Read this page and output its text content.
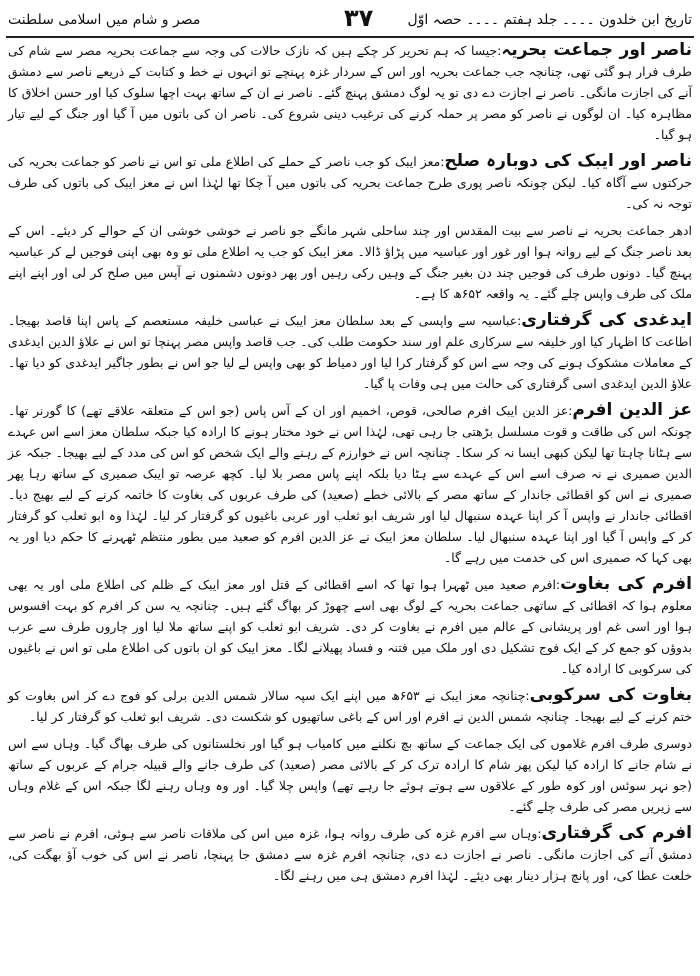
تاریخ ابن خلدون ۔۔۔۔ جلد ہفتم ۔۔۔۔ حصہ اوّل
۳۷
مصر و شام میں اسلامی سلطنت

ناصر اور جماعت بحریہ:جیسا کہ ہم تحریر کر چکے ہیں کہ نازک حالات کی وجہ سے جماعت بحریہ مصر سے شام کی طرف فرار ہو گئی تھی، چنانچہ جب جماعت بحریہ اور اس کے سردار غزہ پہنچے تو انہوں نے خط و کتابت کے ذریعے ناصر سے دمشق آنے کی اجازت مانگی۔ ناصر نے اجازت دے دی تو یہ لوگ دمشق پہنچ گئے۔ ناصر نے ان کے ساتھ بہت اچھا سلوک کیا اور حسن اخلاق کا مظاہرہ کیا۔ ان لوگوں نے ناصر کو مصر پر حملہ کرنے کی ترغیب دینی شروع کی۔ ناصر ان کی باتوں میں آ گیا اور جنگ کے لیے تیار ہو گیا۔

ناصر اور ایبک کی دوبارہ صلح:معز ایبک کو جب ناصر کے حملے کی اطلاع ملی تو اس نے ناصر کو جماعت بحریہ کی حرکتوں سے آگاہ کیا۔ لیکن چونکہ ناصر پوری طرح جماعت بحریہ کی باتوں میں آ چکا تھا لہٰذا اس نے معز ایبک کی باتوں کی طرف توجہ نہ کی۔

ادھر جماعت بحریہ نے ناصر سے بیت المقدس اور چند ساحلی شہر مانگے جو ناصر نے خوشی خوشی ان کے حوالے کر دیئے۔ اس کے بعد ناصر جنگ کے لیے روانہ ہوا اور غور اور عباسیہ میں پڑاؤ ڈالا۔ معز ایبک کو جب یہ اطلاع ملی تو وہ بھی اپنی فوجیں لے کر عباسیہ پہنچ گیا۔ دونوں طرف کی فوجیں چند دن بغیر جنگ کے وہیں رکی رہیں اور پھر دونوں دشمنوں نے آپس میں صلح کر لی اور اپنے اپنے ملک کی طرف واپس چلے گئے۔ یہ واقعہ ۶۵۲ھ کا ہے۔

ایدغدی کی گرفتاری:عباسیہ سے واپسی کے بعد سلطان معز ایبک نے عباسی خلیفہ مستعصم کے پاس اپنا قاصد بھیجا۔ اطاعت کا اظہار کیا اور خلیفہ سے سرکاری علم اور سند حکومت طلب کی۔ جب قاصد واپس مصر پہنچا تو اس نے علاؤ الدین ایدغدی کے معاملات مشکوک ہونے کی وجہ سے اس کو گرفتار کرا لیا اور دمیاط کو بھی واپس لے لیا جو اس نے بطور جاگیر ایدغدی کو دیا تھا۔ علاؤ الدین ایدغدی اسی گرفتاری کی حالت میں ہی وفات پا گیا۔

عز الدین افرم:عز الدین ایبک افرم صالحی، قوص، اخمیم اور ان کے آس پاس (جو اس کے متعلقہ علاقے تھے) کا گورنر تھا۔ چونکہ اس کی طاقت و قوت مسلسل بڑھتی جا رہی تھی، لہٰذا اس نے خود مختار ہونے کا ارادہ کیا جبکہ سلطان معز اسے اس عہدے سے ہٹانا چاہتا تھا لیکن کبھی ایسا نہ کر سکا۔ چنانچہ اس نے خوارزم کے رہنے والے ایک شخص کو اس کی مدد کے لیے بھیجا۔ جبکہ عز الدین صمیری نے نہ صرف اسے اس کے عہدے سے ہٹا دیا بلکہ اپنے پاس مصر بلا لیا۔ کچھ عرصہ تو ایبک صمیری کے ساتھ رہا پھر صمیری نے اس کو اقطائی جاندار کے ساتھ مصر کے بالائی خطے (صعید) کی طرف عربوں کی بغاوت کا خاتمہ کرنے کے لیے بھیج دیا۔ اقطائی جاندار نے واپس آ کر اپنا عہدہ سنبھال لیا اور شریف ابو ثعلب اور عربی باغیوں کو گرفتار کر لیا۔ لہٰذا وہ ابو ثعلب کو گرفتار کر کے واپس آ گیا اور اپنا عہدہ سنبھال لیا۔ سلطان معز ایبک نے عز الدین افرم کو صعید میں بطور منتظم ٹھہرنے کا حکم دیا اور یہ بھی کہا کہ صمیری اس کی خدمت میں رہے گا۔

افرم کی بغاوت:افرم صعید میں ٹھہرا ہوا تھا کہ اسے اقطائی کے قتل اور معز ایبک کے ظلم کی اطلاع ملی اور یہ بھی معلوم ہوا کہ اقطائی کے ساتھی جماعت بحریہ کے لوگ بھی اسے چھوڑ کر بھاگ گئے ہیں۔ چنانچہ یہ سن کر افرم کو بہت افسوس ہوا اور اسی غم اور پریشانی کے عالم میں افرم نے بغاوت کر دی۔ شریف ابو ثعلب کو اپنے ساتھ ملا لیا اور چاروں طرف سے عرب بدوؤں کو جمع کر کے ایک فوج تشکیل دی اور ملک میں فتنہ و فساد پھیلانے لگا۔ معز ایبک کو ان باتوں کی اطلاع ملی تو اس نے باغیوں کی سرکوبی کا ارادہ کیا۔

بغاوت کی سرکوبی:چنانچہ معز ایبک نے ۶۵۳ھ میں اپنے ایک سپہ سالار شمس الدین برلی کو فوج دے کر اس بغاوت کو ختم کرنے کے لیے بھیجا۔ چنانچہ شمس الدین نے افرم اور اس کے باغی ساتھیوں کو شکست دی۔ شریف ابو ثعلب کو گرفتار کر لیا۔

دوسری طرف افرم غلاموں کی ایک جماعت کے ساتھ بچ نکلنے میں کامیاب ہو گیا اور نخلستانوں کی طرف بھاگ گیا۔ وہاں سے اس نے شام جانے کا ارادہ کیا لیکن پھر شام کا ارادہ ترک کر کے بالائی مصر (صعید) کی طرف جانے والے قبیلہ جرام کے عربوں کے ساتھ (جو نہر سوئس اور کوہ طور کے علاقوں سے ہوتے ہوئے جا رہے تھے) واپس چلا گیا۔ اور وہ وہاں رہنے لگا جبکہ اس کے غلام وہاں سے زیریں مصر کی طرف چلے گئے۔

افرم کی گرفتاری:وہاں سے افرم غزہ کی طرف روانہ ہوا، غزہ میں اس کی ملاقات ناصر سے ہوئی، افرم نے ناصر سے دمشق آنے کی اجازت مانگی۔ ناصر نے اجازت دے دی، چنانچہ افرم غزہ سے دمشق جا پہنچا، ناصر نے اس کی خوب آؤ بھگت کی، خلعت عطا کی، اور پانچ ہزار دینار بھی دیئے۔ لہٰذا افرم دمشق ہی میں رہنے لگا۔
